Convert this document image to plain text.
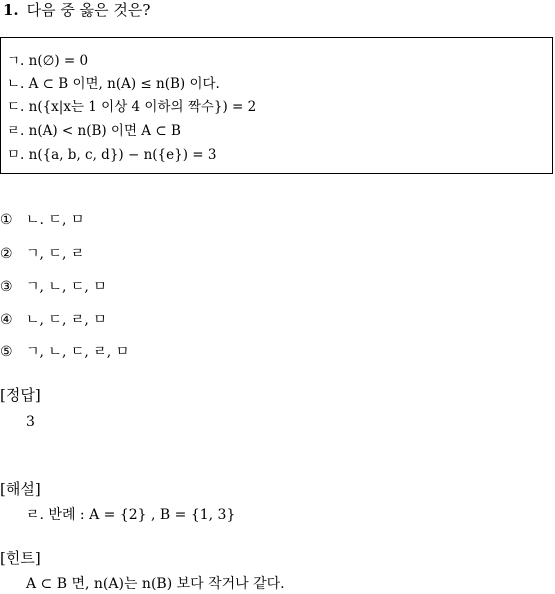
1. 다음 중 옳은 것은?
ㄱ. n(∅) = 0
ㄴ. A ⊂ B 이면, n(A) ≤ n(B) 이다.
ㄷ. n({x|x는 1 이상 4 이하의 짝수}) = 2
ㄹ. n(A) < n(B) 이면 A ⊂ B
ㅁ. n({a, b, c, d}) − n({e}) = 3
① ㄴ. ㄷ, ㅁ
② ㄱ, ㄷ, ㄹ
③ ㄱ, ㄴ, ㄷ, ㅁ
④ ㄴ, ㄷ, ㄹ, ㅁ
⑤ ㄱ, ㄴ, ㄷ, ㄹ, ㅁ
[정답]
3
[해설]
ㄹ. 반례 : A = {2} , B = {1, 3}
[힌트]
A ⊂ B 면, n(A)는 n(B) 보다 작거나 같다.
